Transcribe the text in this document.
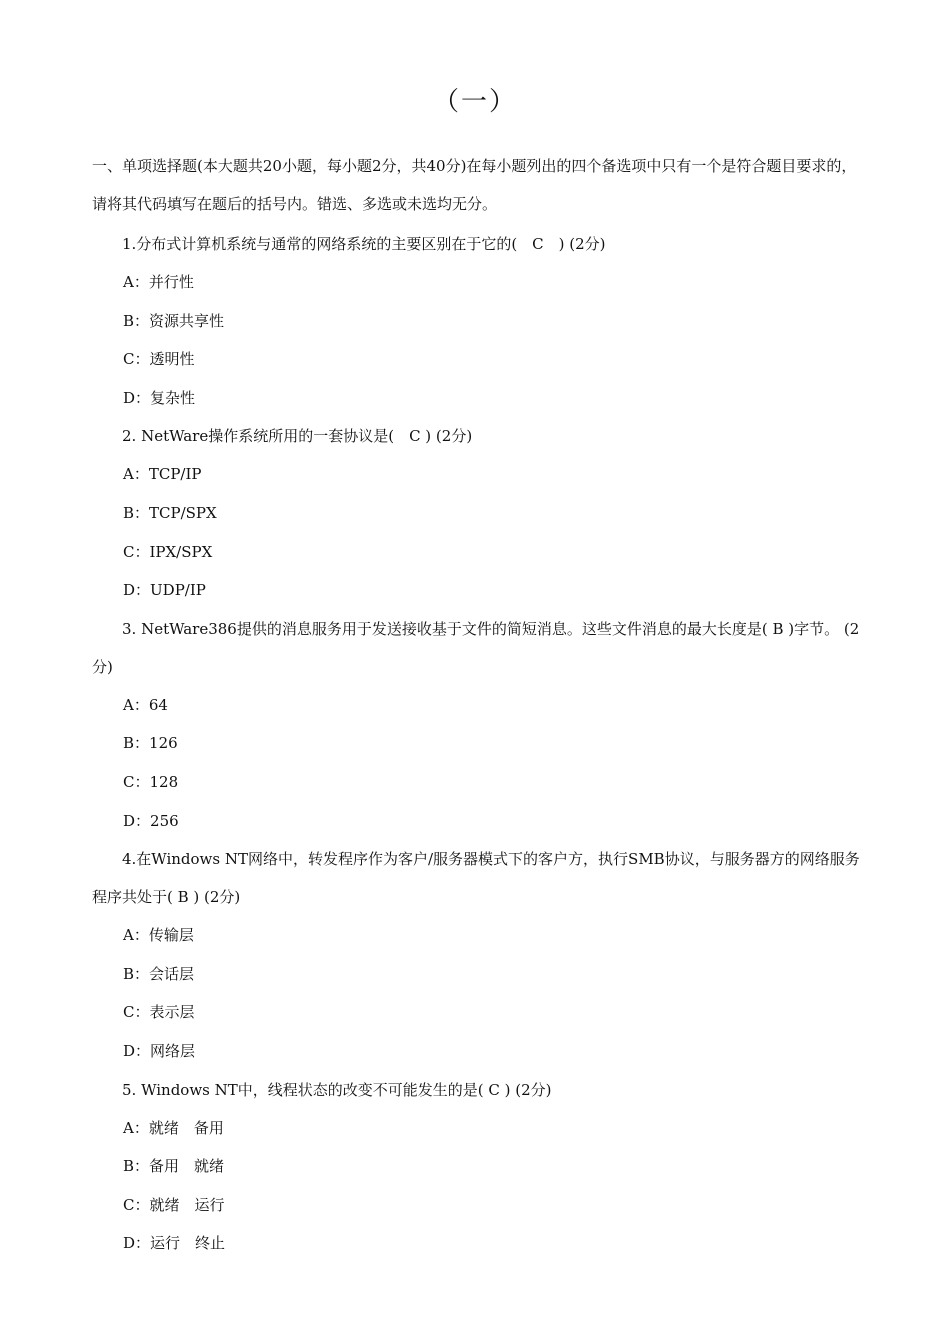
（一）
一、单项选择题(本大题共20小题，每小题2分，共40分)在每小题列出的四个备选项中只有一个是符合题目要求的，请将其代码填写在题后的括号内。错选、多选或未选均无分。

1.分布式计算机系统与通常的网络系统的主要区别在于它的(　C　) (2分)

A：并行性

B：资源共享性

C：透明性

D：复杂性

2. NetWare操作系统所用的一套协议是(　C ) (2分)

A：TCP/IP

B：TCP/SPX

C：IPX/SPX

D：UDP/IP

3. NetWare386提供的消息服务用于发送接收基于文件的简短消息。这些文件消息的最大长度是( B )字节。 (2分)

A：64

B：126

C：128

D：256

4.在Windows NT网络中，转发程序作为客户/服务器模式下的客户方，执行SMB协议，与服务器方的网络服务程序共处于( B ) (2分)

A：传输层

B：会话层

C：表示层

D：网络层

5. Windows NT中，线程状态的改变不可能发生的是( C ) (2分)

A：就绪　备用

B：备用　就绪

C：就绪　运行

D：运行　终止
